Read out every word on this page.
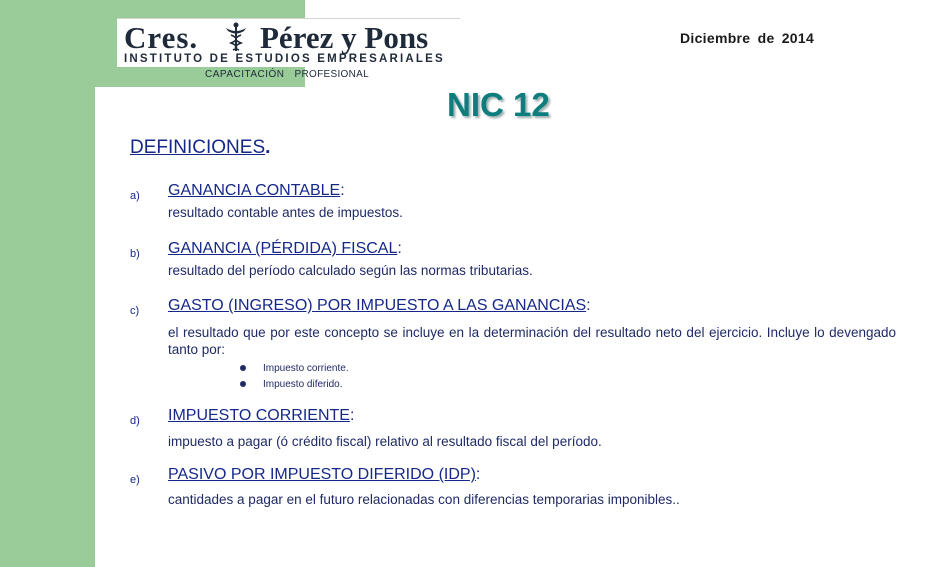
Cres. Pérez y Pons
INSTITUTO DE ESTUDIOS EMPRESARIALES
CAPACITACIÓN PROFESIONAL
Diciembre de 2014
NIC 12
DEFINICIONES.
a) GANANCIA CONTABLE:
resultado contable antes de impuestos.
b) GANANCIA (PÉRDIDA) FISCAL:
resultado del período calculado según las normas tributarias.
c) GASTO (INGRESO) POR IMPUESTO A LAS GANANCIAS:
el resultado que por este concepto se incluye en la determinación del resultado neto del ejercicio. Incluye lo devengado tanto por:
Impuesto corriente.
Impuesto diferido.
d) IMPUESTO CORRIENTE:
impuesto a pagar (ó crédito fiscal) relativo al resultado fiscal del período.
e) PASIVO POR IMPUESTO DIFERIDO (IDP):
cantidades a pagar en el futuro relacionadas con diferencias temporarias imponibles..
